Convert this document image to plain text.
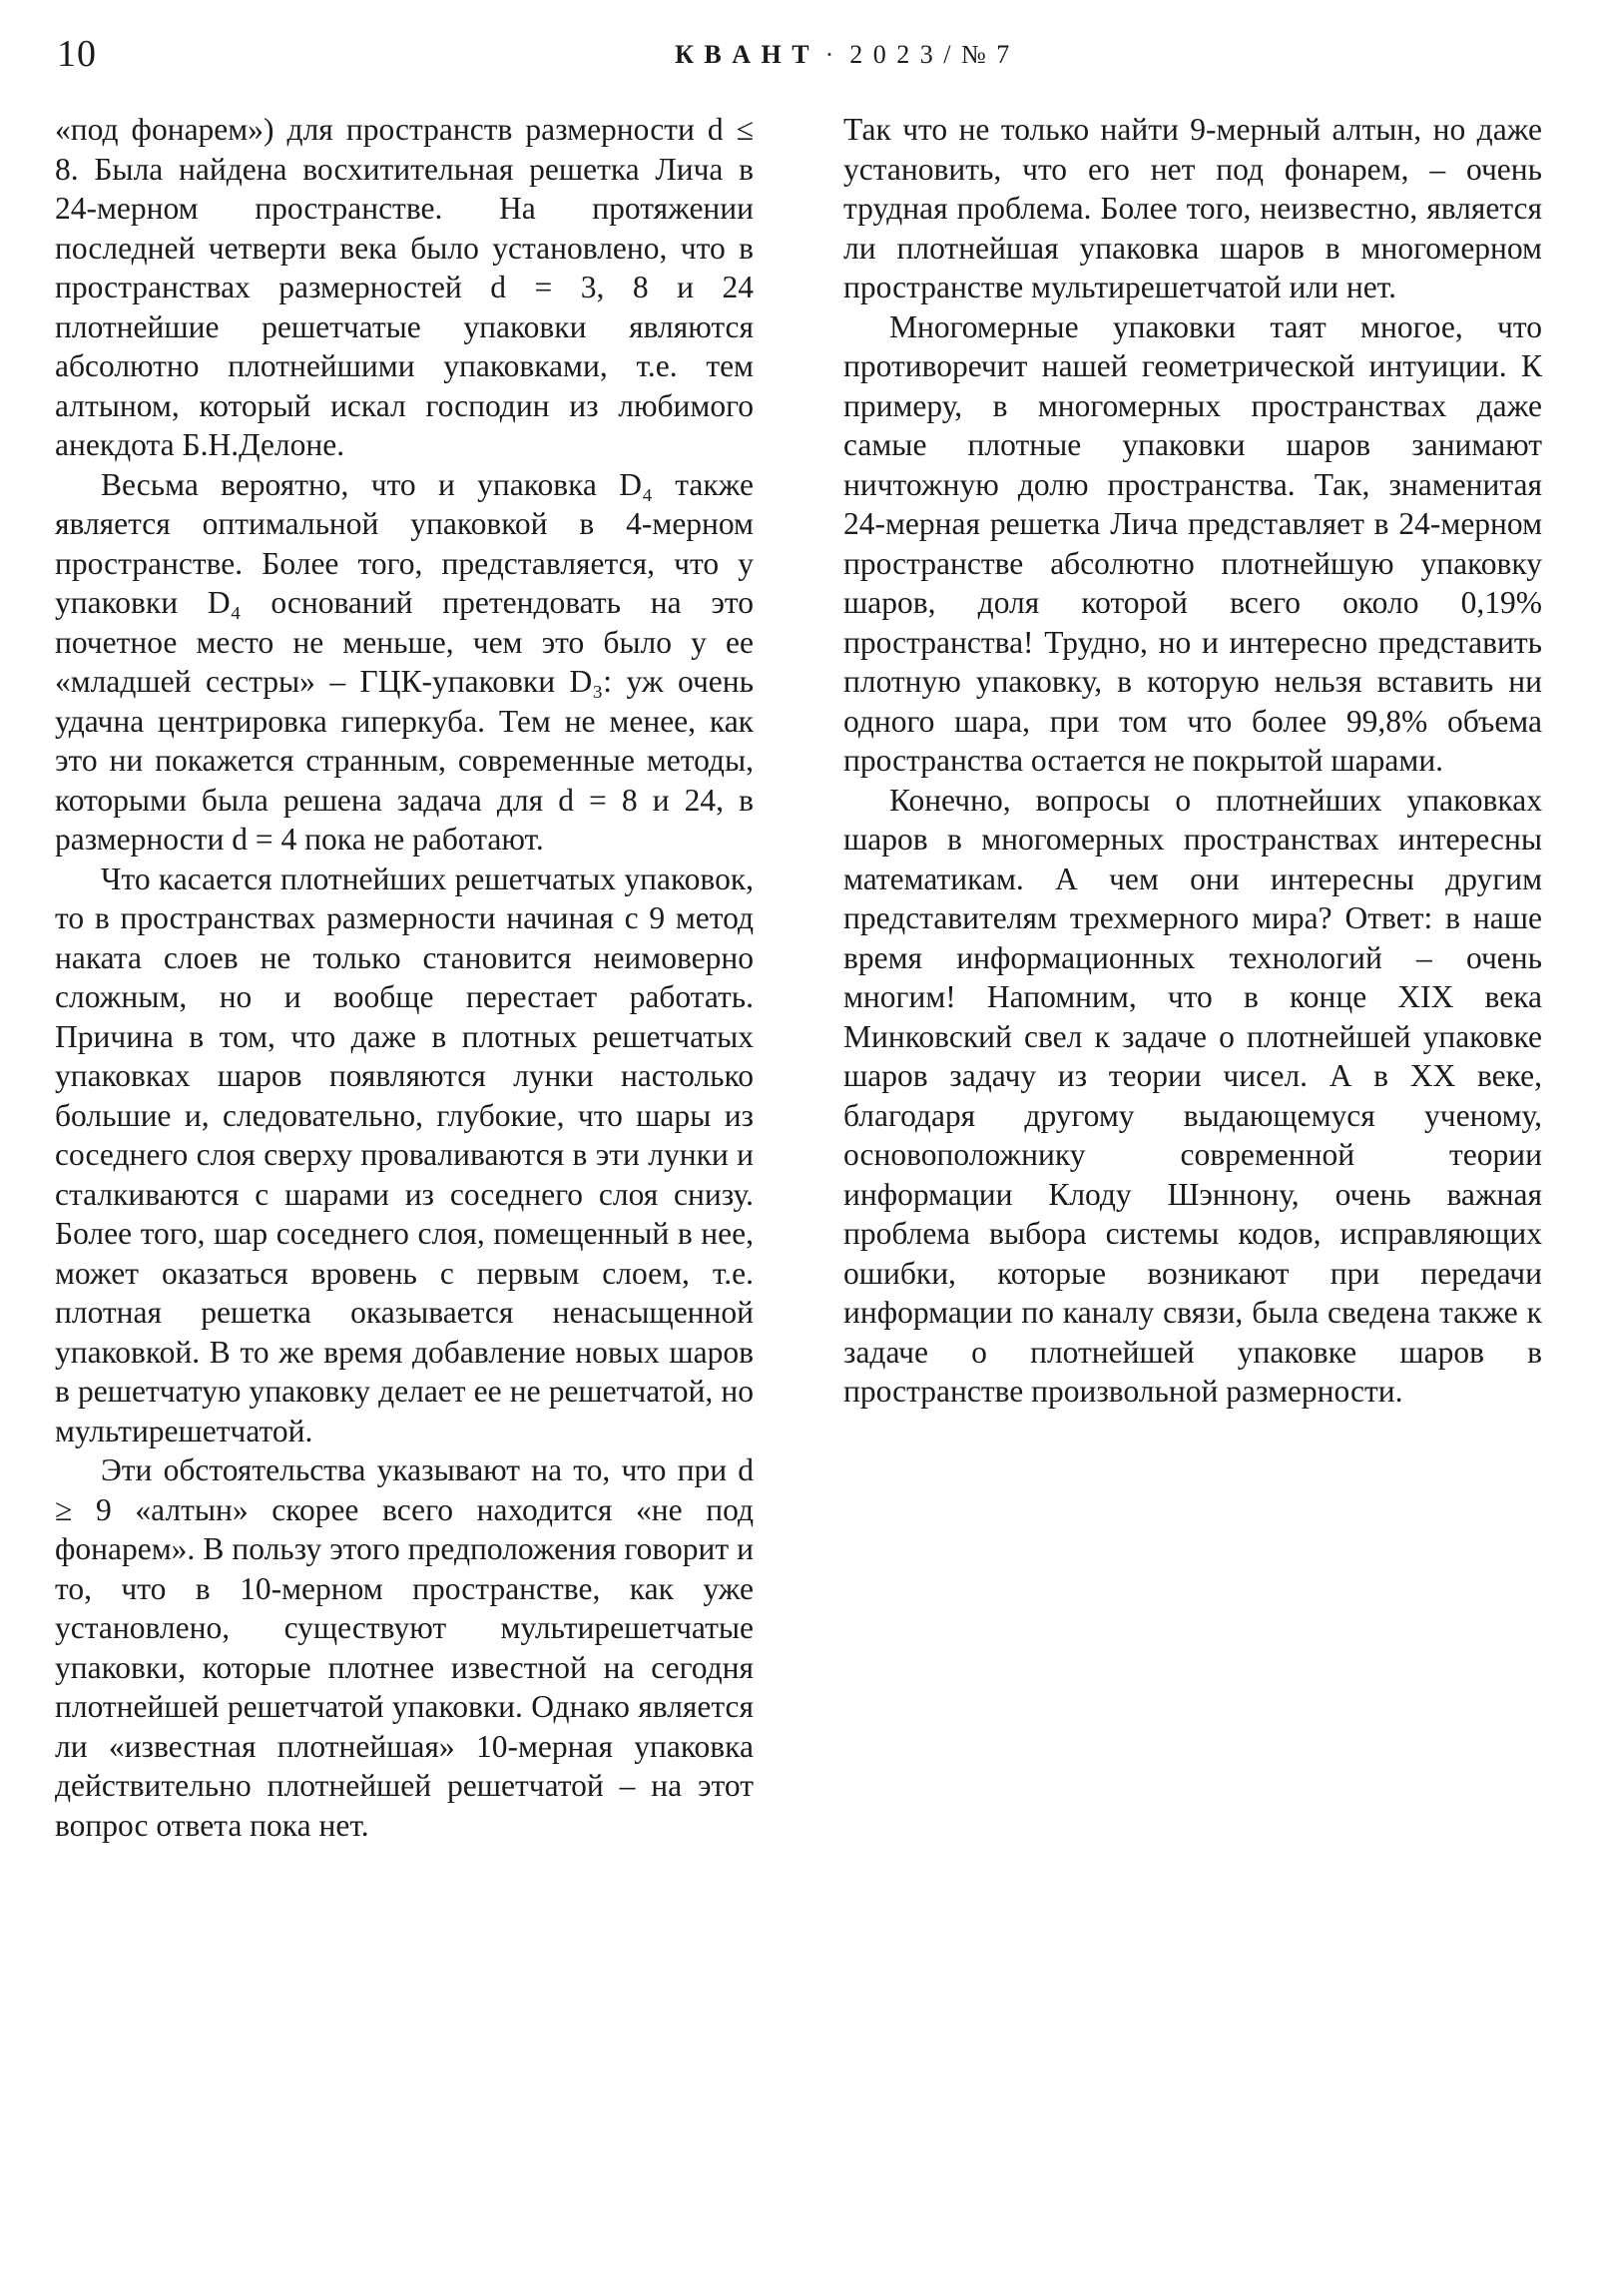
10	К В А Н Т · 2 0 2 3 / № 7

«под фонарем») для пространств размерности d ≤ 8. Была найдена восхитительная решетка Лича в 24-мерном пространстве. На протяжении последней четверти века было установлено, что в пространствах размерностей d = 3, 8 и 24 плотнейшие решетчатые упаковки являются абсолютно плотнейшими упаковками, т.е. тем алтыном, который искал господин из любимого анекдота Б.Н.Делоне.

Весьма вероятно, что и упаковка D₄ также является оптимальной упаковкой в 4-мерном пространстве. Более того, представляется, что у упаковки D₄ оснований претендовать на это почетное место не меньше, чем это было у ее «младшей сестры» – ГЦК-упаковки D₃: уж очень удачна центрировка гиперкуба. Тем не менее, как это ни покажется странным, современные методы, которыми была решена задача для d = 8 и 24, в размерности d = 4 пока не работают.

Что касается плотнейших решетчатых упаковок, то в пространствах размерности начиная с 9 метод наката слоев не только становится неимоверно сложным, но и вообще перестает работать. Причина в том, что даже в плотных решетчатых упаковках шаров появляются лунки настолько большие и, следовательно, глубокие, что шары из соседнего слоя сверху проваливаются в эти лунки и сталкиваются с шарами из соседнего слоя снизу. Более того, шар соседнего слоя, помещенный в нее, может оказаться вровень с первым слоем, т.е. плотная решетка оказывается ненасыщенной упаковкой. В то же время добавление новых шаров в решетчатую упаковку делает ее не решетчатой, но мультирешетчатой.

Эти обстоятельства указывают на то, что при d ≥ 9 «алтын» скорее всего находится «не под фонарем». В пользу этого предположения говорит и то, что в 10-мерном пространстве, как уже установлено, существуют мультирешетчатые упаковки, которые плотнее известной на сегодня плотнейшей решетчатой упаковки. Однако является ли «известная плотнейшая» 10-мерная упаковка действительно плотнейшей решетчатой – на этот вопрос ответа пока нет.

Так что не только найти 9-мерный алтын, но даже установить, что его нет под фонарем, – очень трудная проблема. Более того, неизвестно, является ли плотнейшая упаковка шаров в многомерном пространстве мультирешетчатой или нет.

Многомерные упаковки таят многое, что противоречит нашей геометрической интуиции. К примеру, в многомерных пространствах даже самые плотные упаковки шаров занимают ничтожную долю пространства. Так, знаменитая 24-мерная решетка Лича представляет в 24-мерном пространстве абсолютно плотнейшую упаковку шаров, доля которой всего около 0,19% пространства! Трудно, но и интересно представить плотную упаковку, в которую нельзя вставить ни одного шара, при том что более 99,8% объема пространства остается не покрытой шарами.

Конечно, вопросы о плотнейших упаковках шаров в многомерных пространствах интересны математикам. А чем они интересны другим представителям трехмерного мира? Ответ: в наше время информационных технологий – очень многим! Напомним, что в конце XIX века Минковский свел к задаче о плотнейшей упаковке шаров задачу из теории чисел. А в XX веке, благодаря другому выдающемуся ученому, основоположнику современной теории информации Клоду Шэннону, очень важная проблема выбора системы кодов, исправляющих ошибки, которые возникают при передачи информации по каналу связи, была сведена также к задаче о плотнейшей упаковке шаров в пространстве произвольной размерности.
